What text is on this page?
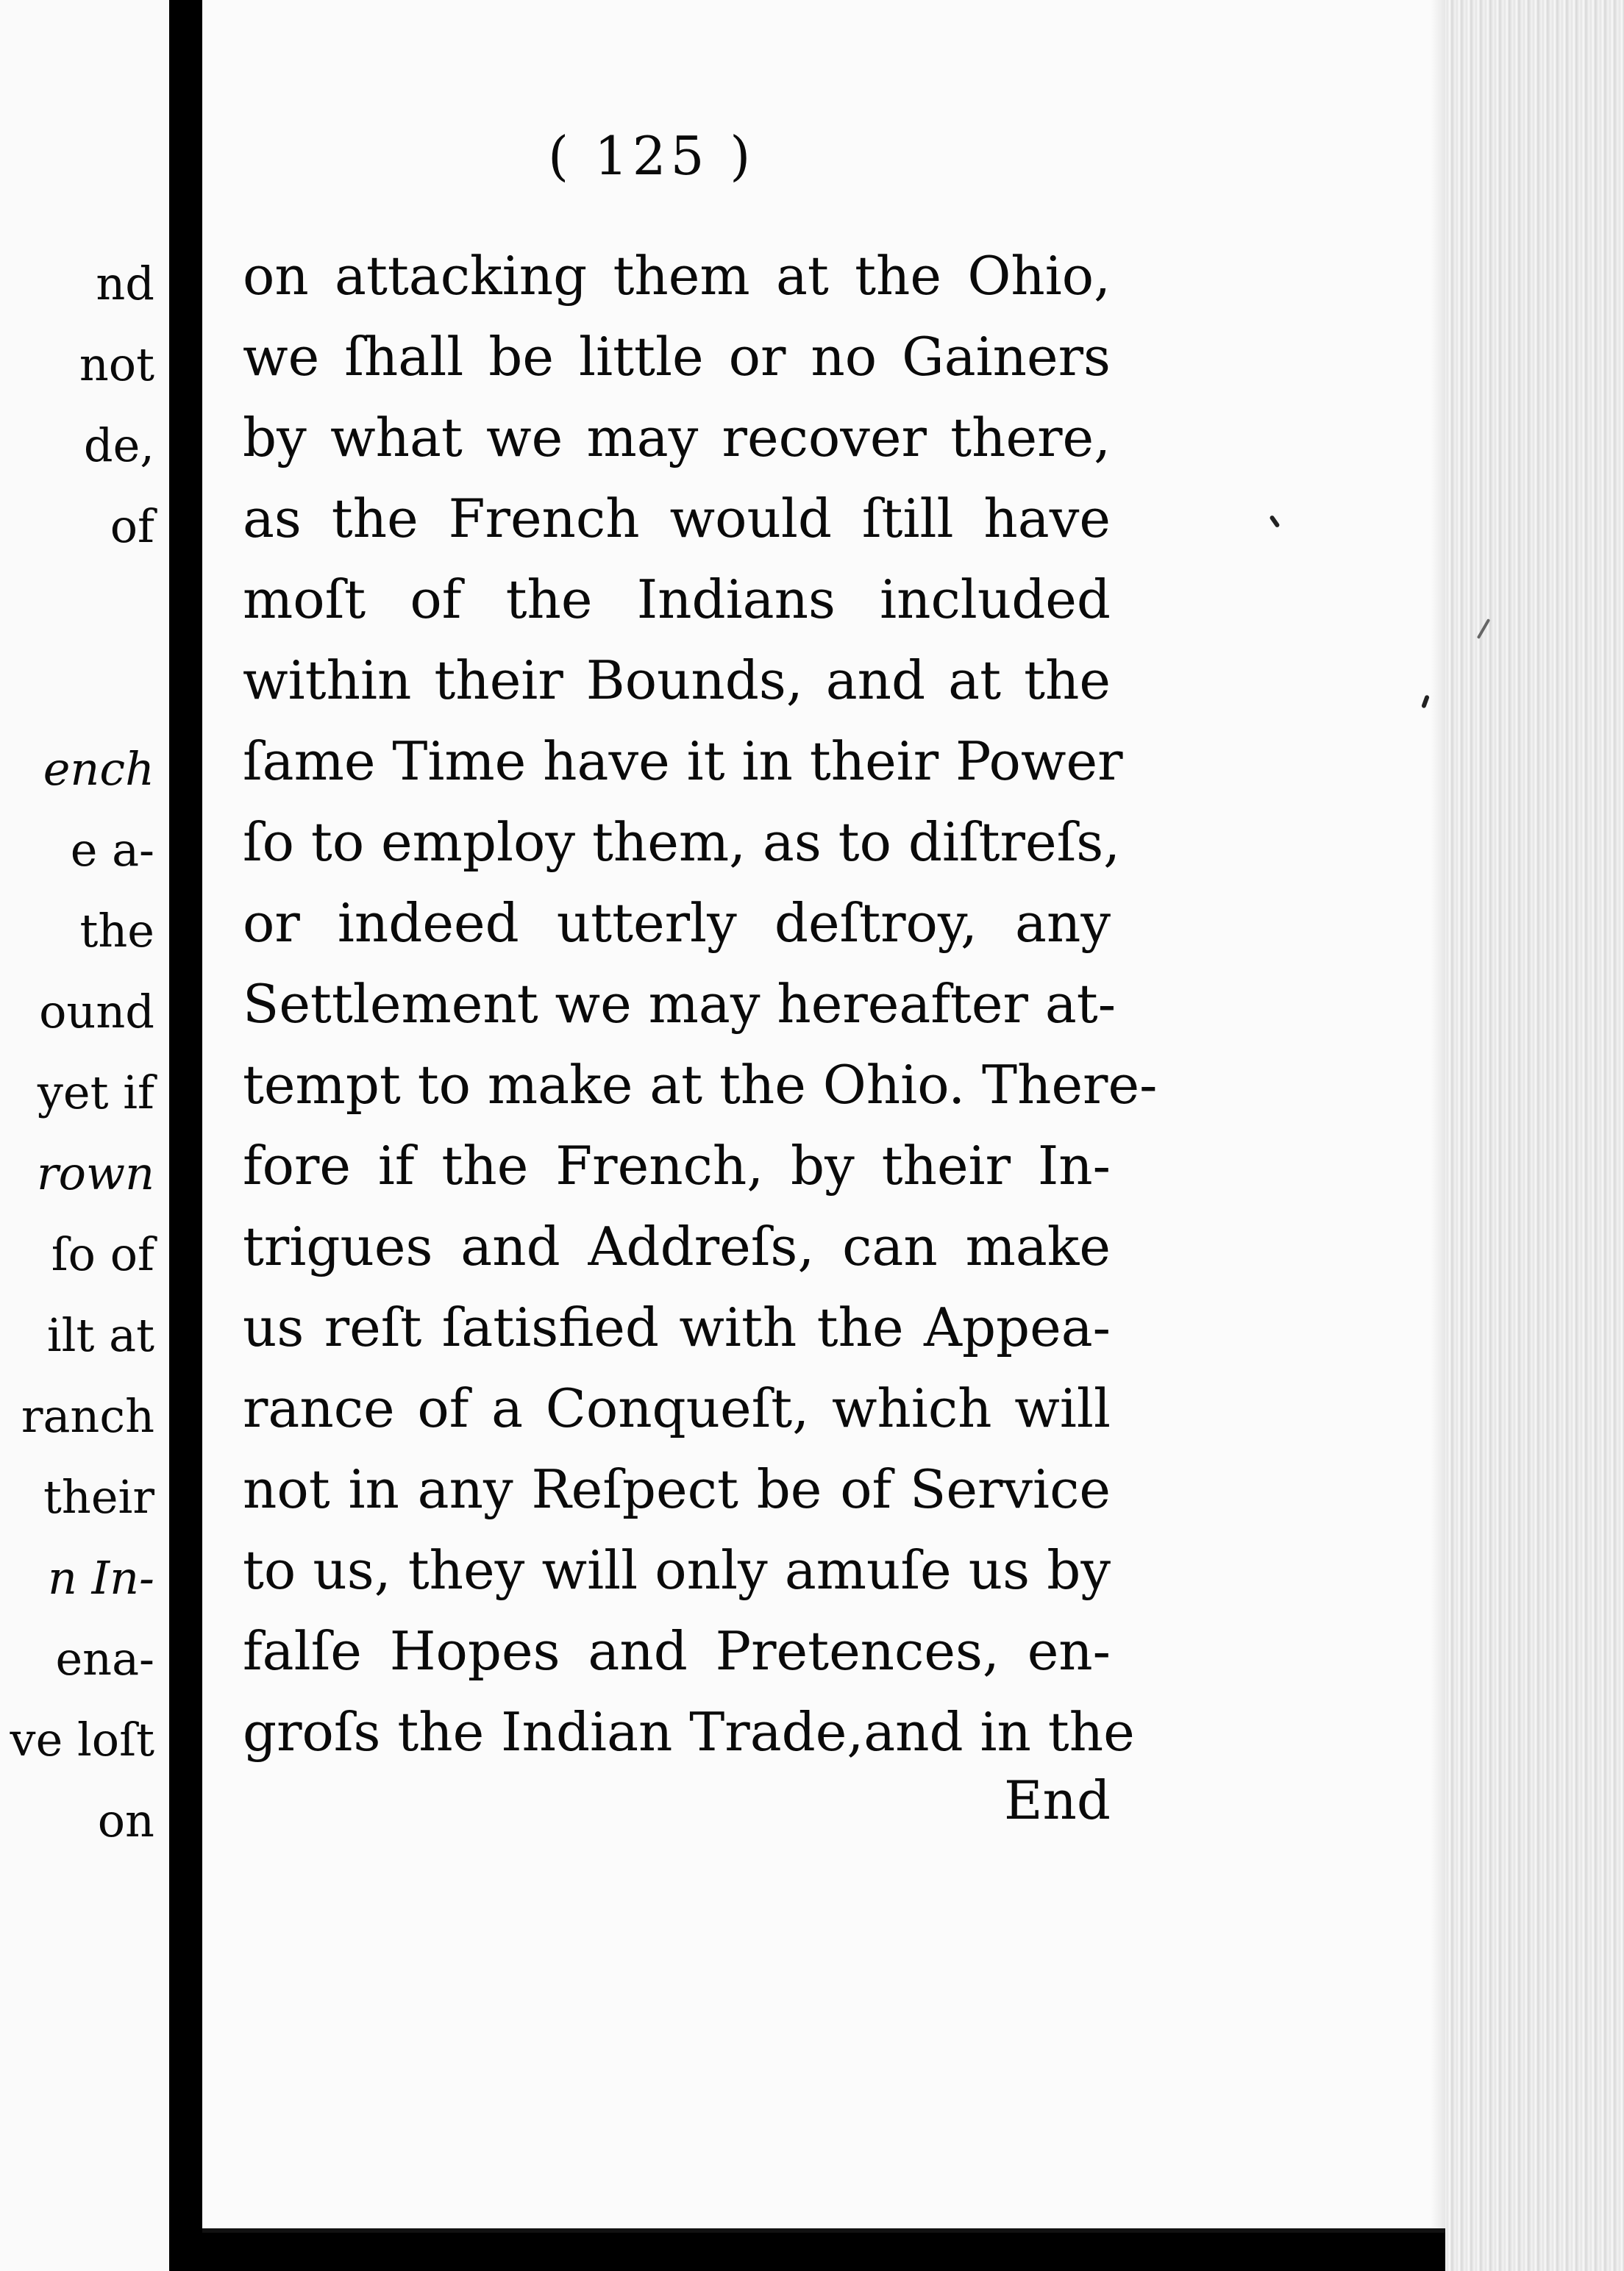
nd
not
de,
of
ench
e a-
the
ound
yet if
rown
ſo of
ilt at
ranch
their
n In-
enа-
ve loſt
on
( 125 )
on attacking them at the Ohio,
we ſhall be little or no Gainers
by what we may recover there,
as the French would ſtill have
moſt of the Indians included
within their Bounds, and at the
ſame Time have it in their Power
ſo to employ them, as to diſtreſs,
or indeed utterly deſtroy, any
Settlement we may hereafter at-
tempt to make at the Ohio. There-
fore if the French, by their In-
trigues and Addreſs, can make
us reſt ſatisfied with the Appea-
rance of a Conqueſt, which will
not in any Reſpect be of Service
to us, they will only amuſe us by
falſe Hopes and Pretences, en-
groſs the Indian Trade,and in the
End
